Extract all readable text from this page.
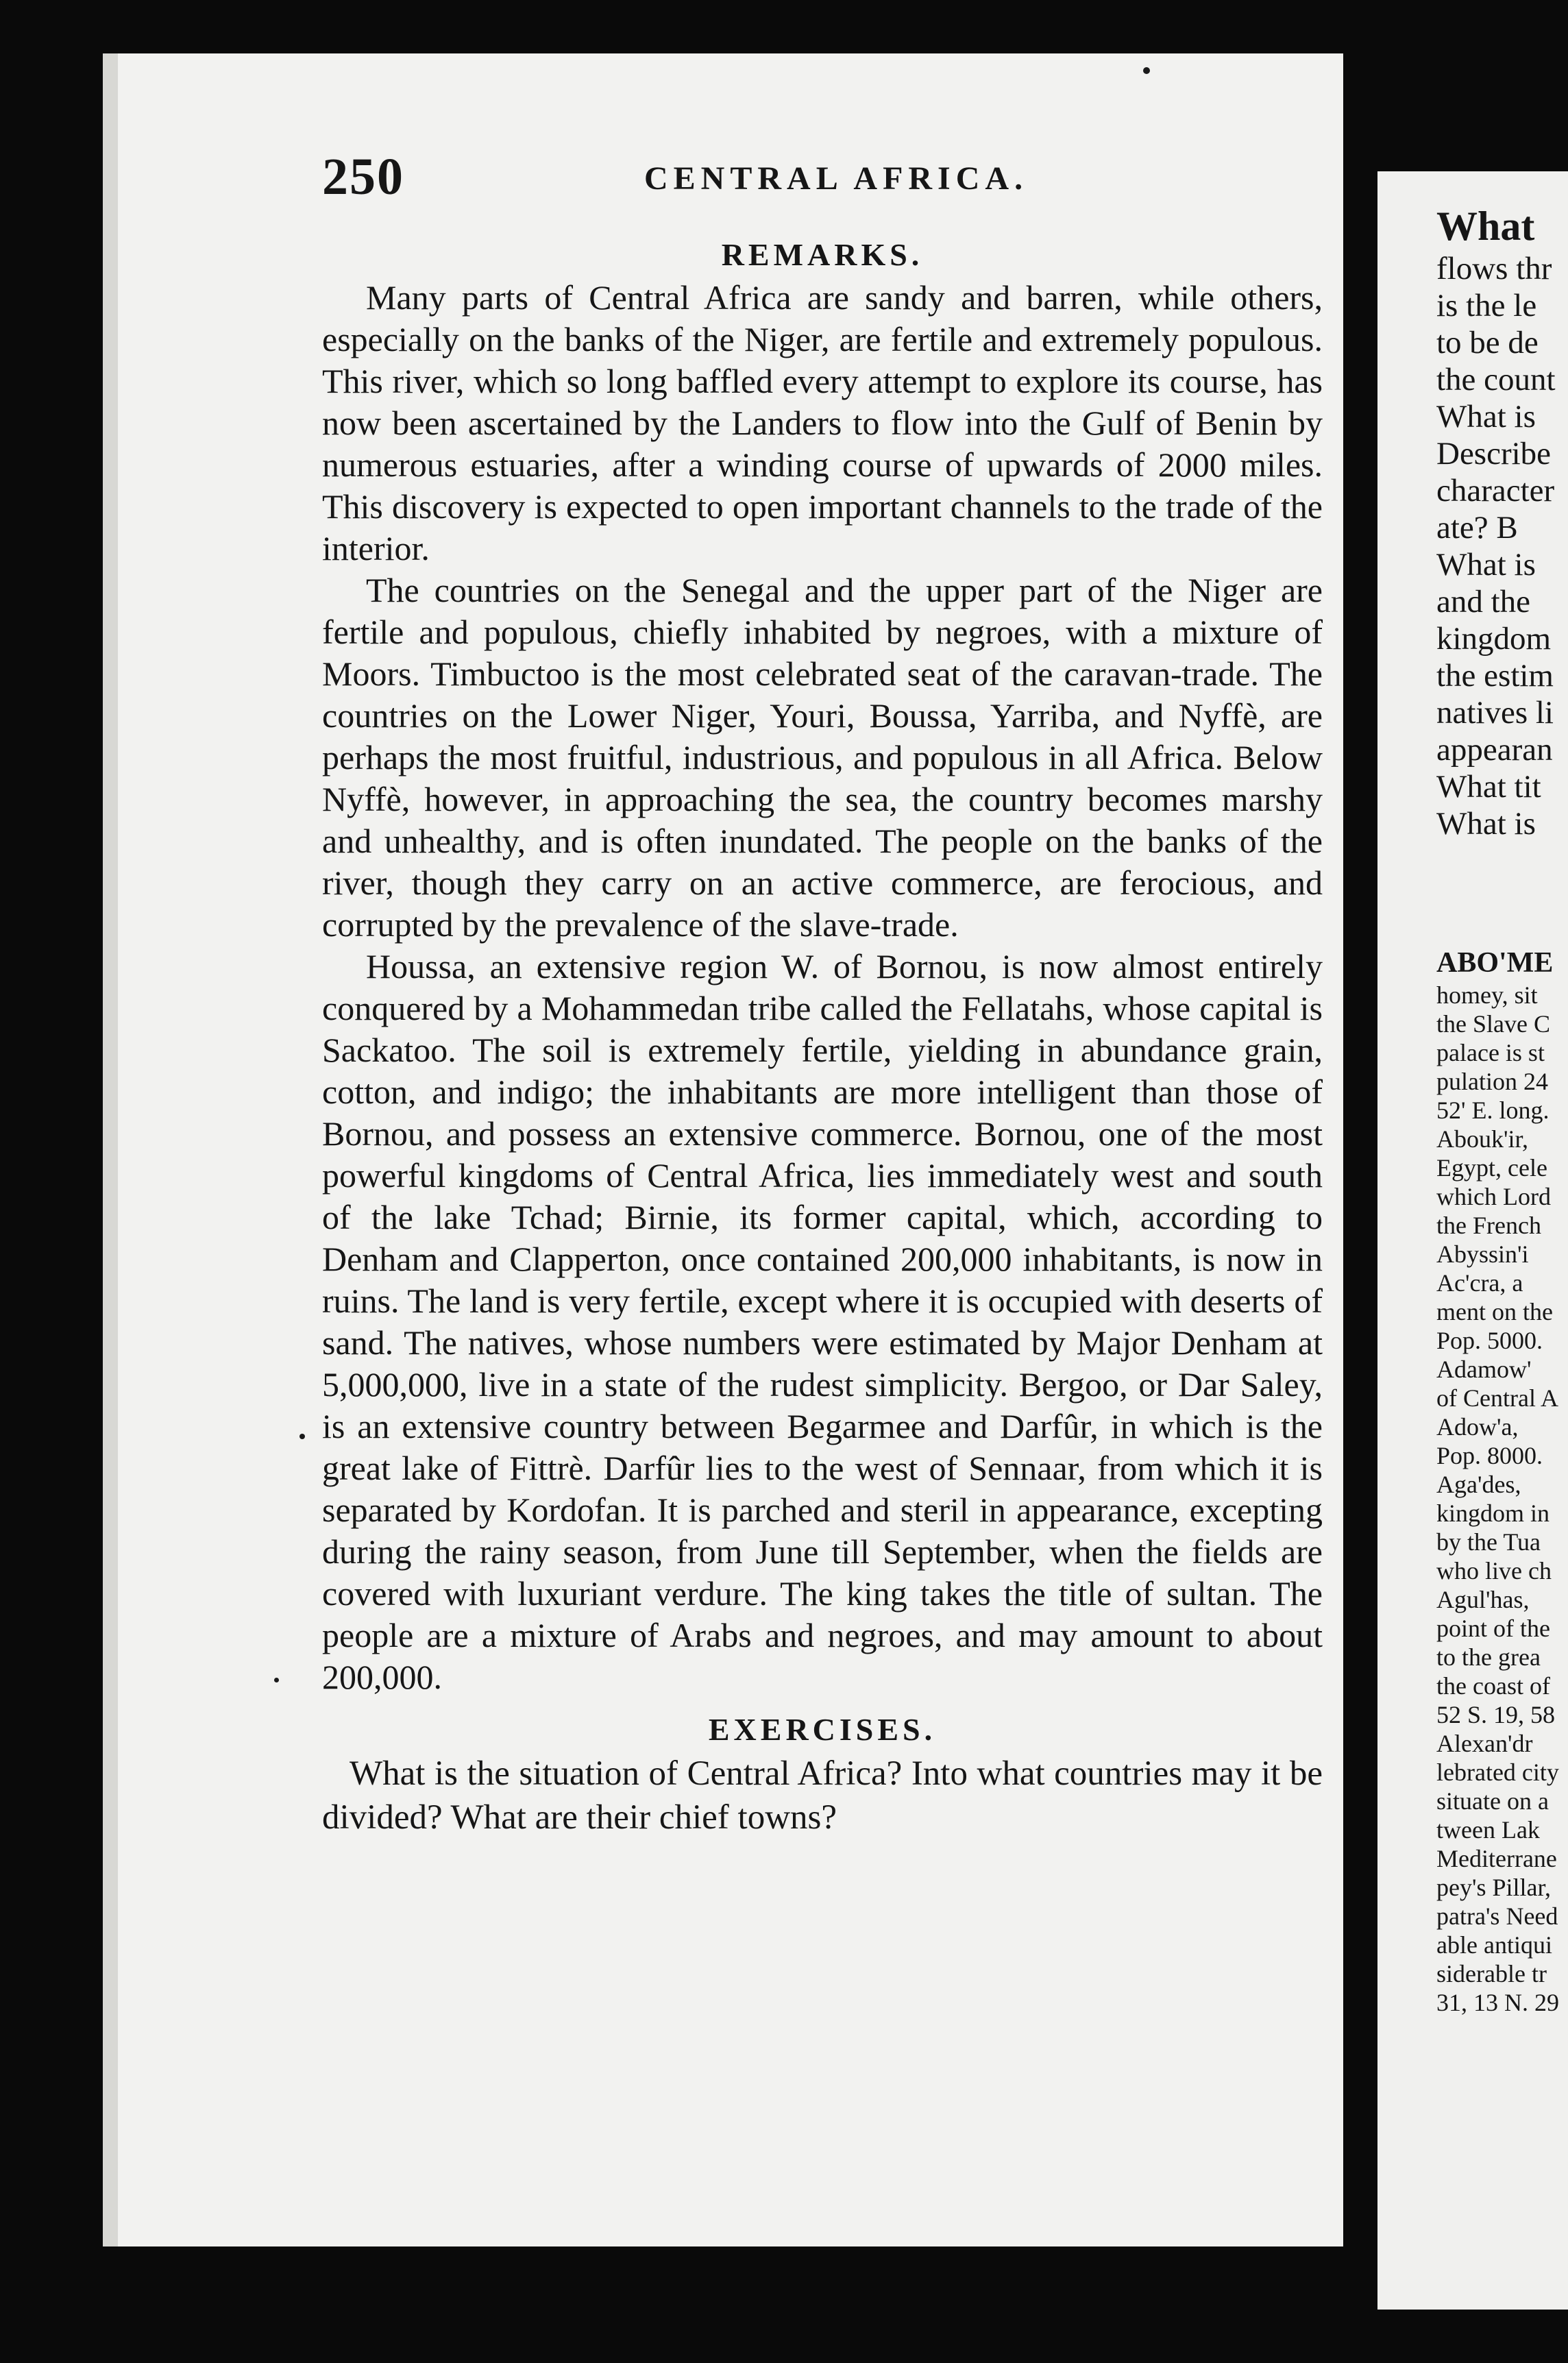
What
flows thr
is the le
to be de
the count
What is
Describe
character
ate? B
What is
and the
kingdom
the estim
natives li
appearan
What tit
What is
ABO'ME
homey, sit
the Slave C
palace is st
pulation 24
52' E. long.
Abouk'ir,
Egypt, cele
which Lord
the French
Abyssin'i
Ac'cra, a
ment on the
Pop. 5000.
Adamow'
of Central A
Adow'a,
Pop. 8000.
Aga'des,
kingdom in
by the Tua
who live ch
Agul'has,
point of the
to the grea
the coast of
52 S. 19, 58
Alexan'dr
lebrated city
situate on a
tween Lak
Mediterrane
pey's Pillar,
patra's Need
able antiqui
siderable tr
31, 13 N. 29
250	CENTRAL AFRICA.

REMARKS.

Many parts of Central Africa are sandy and barren, while others, especially on the banks of the Niger, are fertile and extremely populous. This river, which so long baffled every attempt to explore its course, has now been ascertained by the Landers to flow into the Gulf of Benin by numerous estuaries, after a winding course of upwards of 2000 miles. This discovery is expected to open important channels to the trade of the interior.

The countries on the Senegal and the upper part of the Niger are fertile and populous, chiefly inhabited by negroes, with a mixture of Moors. Timbuctoo is the most celebrated seat of the caravan-trade. The countries on the Lower Niger, Youri, Boussa, Yarriba, and Nyffè, are perhaps the most fruitful, industrious, and populous in all Africa. Below Nyffè, however, in approaching the sea, the country becomes marshy and unhealthy, and is often inundated. The people on the banks of the river, though they carry on an active commerce, are ferocious, and corrupted by the prevalence of the slave-trade.

Houssa, an extensive region W. of Bornou, is now almost entirely conquered by a Mohammedan tribe called the Fellatahs, whose capital is Sackatoo. The soil is extremely fertile, yielding in abundance grain, cotton, and indigo; the inhabitants are more intelligent than those of Bornou, and possess an extensive commerce. Bornou, one of the most powerful kingdoms of Central Africa, lies immediately west and south of the lake Tchad; Birnie, its former capital, which, according to Denham and Clapperton, once contained 200,000 inhabitants, is now in ruins. The land is very fertile, except where it is occupied with deserts of sand. The natives, whose numbers were estimated by Major Denham at 5,000,000, live in a state of the rudest simplicity. Bergoo, or Dar Saley, is an extensive country between Begarmee and Darfûr, in which is the great lake of Fittrè. Darfûr lies to the west of Sennaar, from which it is separated by Kordofan. It is parched and steril in appearance, excepting during the rainy season, from June till September, when the fields are covered with luxuriant verdure. The king takes the title of sultan. The people are a mixture of Arabs and negroes, and may amount to about 200,000.

EXERCISES.

What is the situation of Central Africa? Into what countries may it be divided? What are their chief towns?
